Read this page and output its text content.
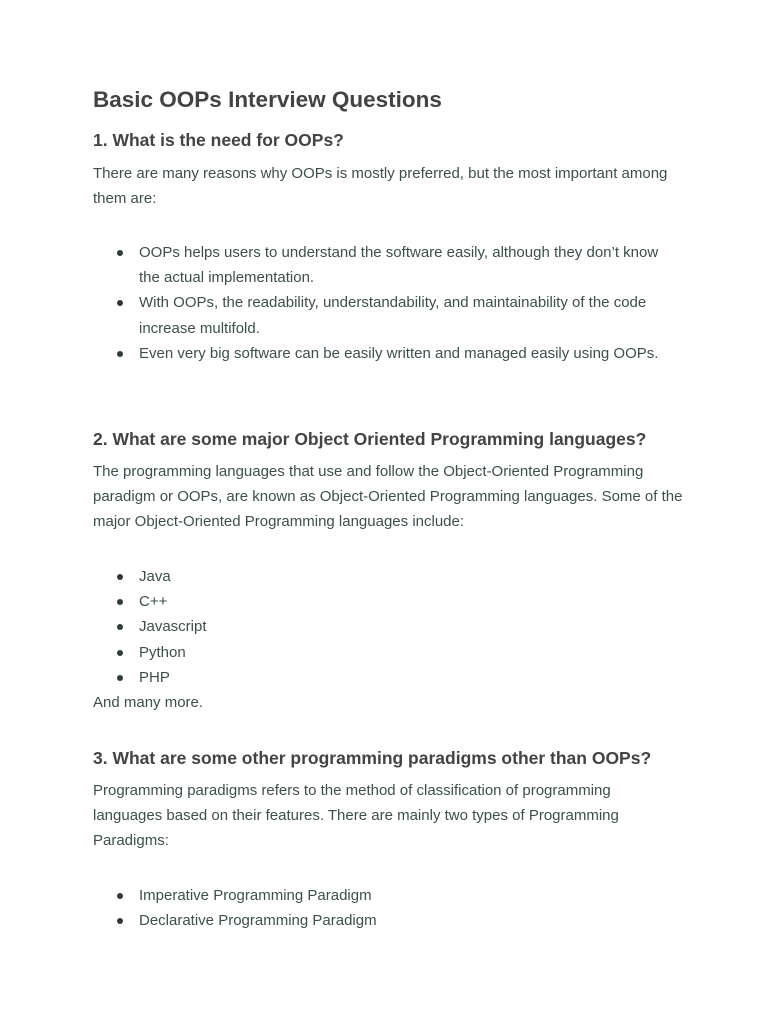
Basic OOPs Interview Questions
1. What is the need for OOPs?

There are many reasons why OOPs is mostly preferred, but the most important among them are:

OOPs helps users to understand the software easily, although they don’t know the actual implementation.
With OOPs, the readability, understandability, and maintainability of the code increase multifold.
Even very big software can be easily written and managed easily using OOPs.
2. What are some major Object Oriented Programming languages?

The programming languages that use and follow the Object-Oriented Programming paradigm or OOPs, are known as Object-Oriented Programming languages. Some of the major Object-Oriented Programming languages include:

Java
C++
Javascript
Python
PHP

And many more.

3. What are some other programming paradigms other than OOPs?

Programming paradigms refers to the method of classification of programming languages based on their features. There are mainly two types of Programming Paradigms:

Imperative Programming Paradigm
Declarative Programming Paradigm
